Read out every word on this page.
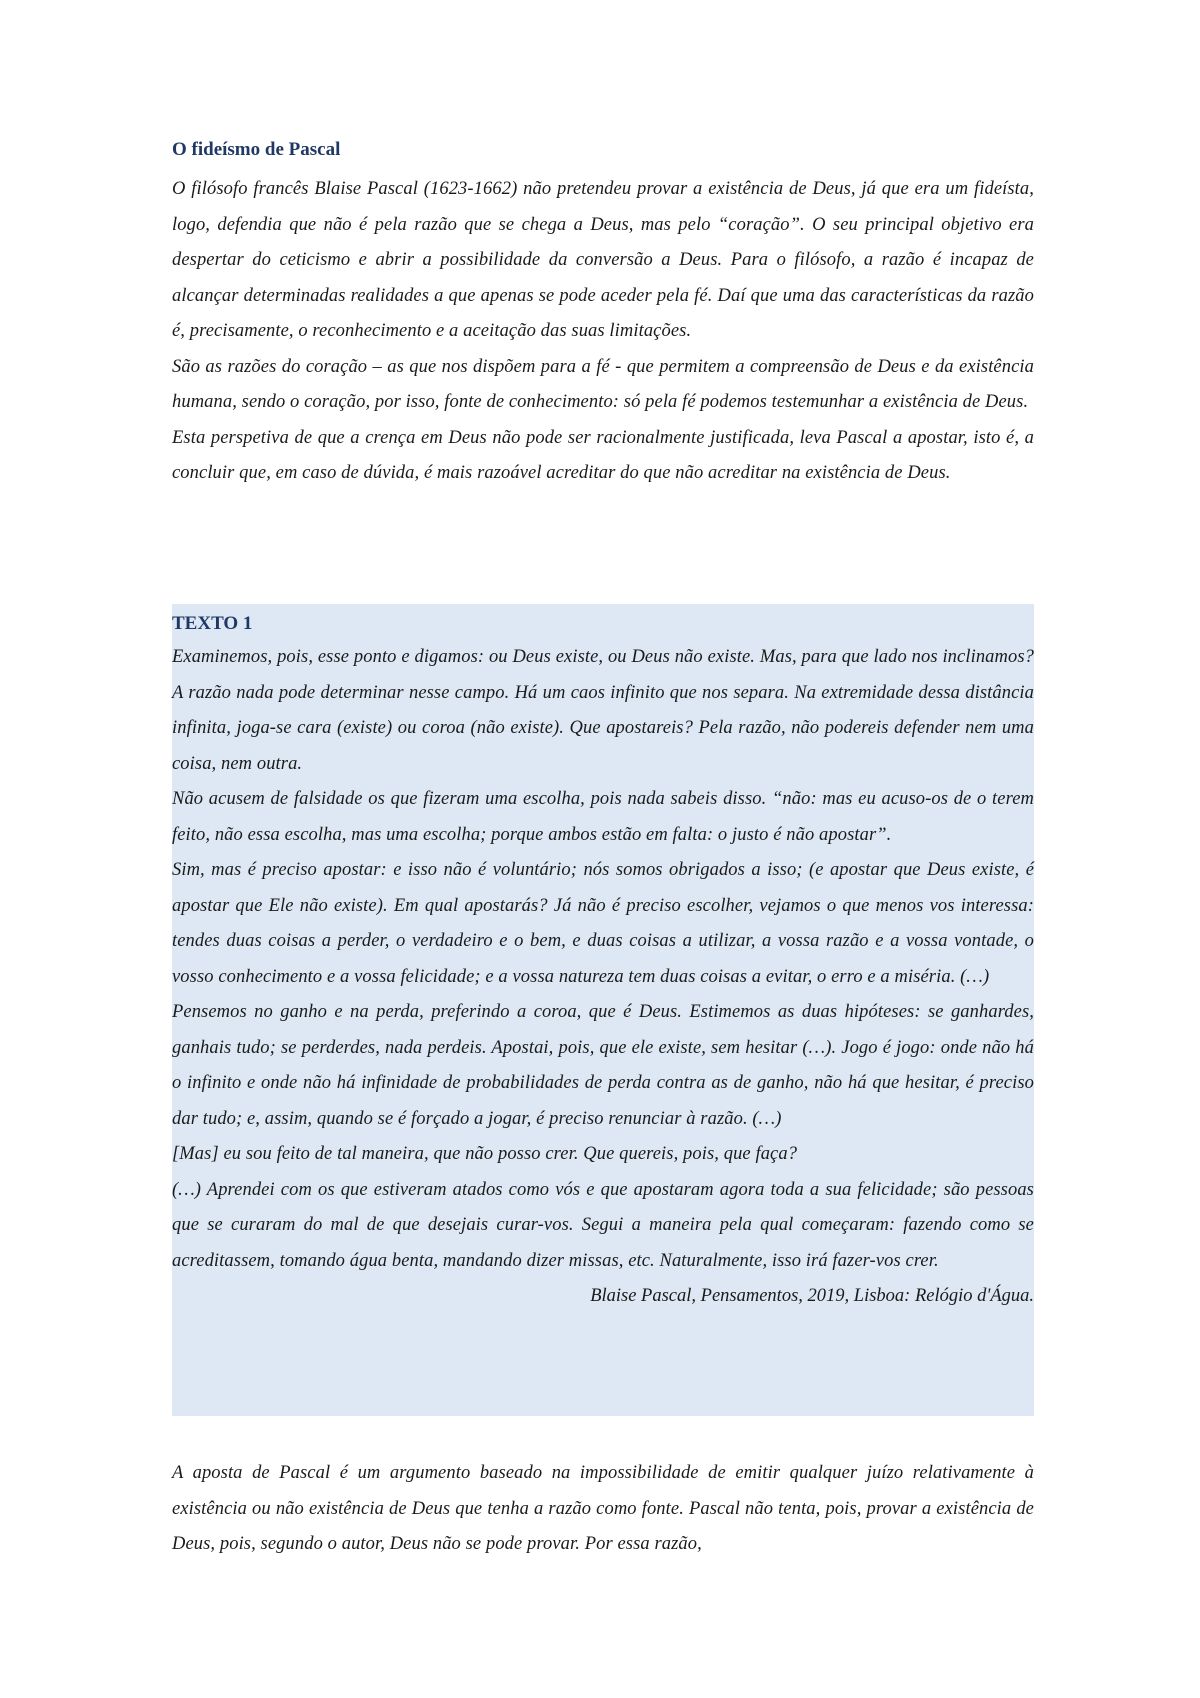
O fideísmo de Pascal

O filósofo francês Blaise Pascal (1623-1662) não pretendeu provar a existência de Deus, já que era um fideísta, logo, defendia que não é pela razão que se chega a Deus, mas pelo “coração”. O seu principal objetivo era despertar do ceticismo e abrir a possibilidade da conversão a Deus. Para o filósofo, a razão é incapaz de alcançar determinadas realidades a que apenas se pode aceder pela fé. Daí que uma das características da razão é, precisamente, o reconhecimento e a aceitação das suas limitações.

São as razões do coração – as que nos dispõem para a fé - que permitem a compreensão de Deus e da existência humana, sendo o coração, por isso, fonte de conhecimento: só pela fé podemos testemunhar a existência de Deus.

Esta perspetiva de que a crença em Deus não pode ser racionalmente justificada, leva Pascal a apostar, isto é, a concluir que, em caso de dúvida, é mais razoável acreditar do que não acreditar na existência de Deus.

TEXTO 1

Examinemos, pois, esse ponto e digamos: ou Deus existe, ou Deus não existe. Mas, para que lado nos inclinamos? A razão nada pode determinar nesse campo. Há um caos infinito que nos separa. Na extremidade dessa distância infinita, joga-se cara (existe) ou coroa (não existe). Que apostareis? Pela razão, não podereis defender nem uma coisa, nem outra.

Não acusem de falsidade os que fizeram uma escolha, pois nada sabeis disso. “não: mas eu acuso-os de o terem feito, não essa escolha, mas uma escolha; porque ambos estão em falta: o justo é não apostar”.

Sim, mas é preciso apostar: e isso não é voluntário; nós somos obrigados a isso; (e apostar que Deus existe, é apostar que Ele não existe). Em qual apostarás? Já não é preciso escolher, vejamos o que menos vos interessa: tendes duas coisas a perder, o verdadeiro e o bem, e duas coisas a utilizar, a vossa razão e a vossa vontade, o vosso conhecimento e a vossa felicidade; e a vossa natureza tem duas coisas a evitar, o erro e a miséria. (…)

Pensemos no ganho e na perda, preferindo a coroa, que é Deus. Estimemos as duas hipóteses: se ganhardes, ganhais tudo; se perderdes, nada perdeis. Apostai, pois, que ele existe, sem hesitar (…). Jogo é jogo: onde não há o infinito e onde não há infinidade de probabilidades de perda contra as de ganho, não há que hesitar, é preciso dar tudo; e, assim, quando se é forçado a jogar, é preciso renunciar à razão. (…)

[Mas] eu sou feito de tal maneira, que não posso crer. Que quereis, pois, que faça?

(…) Aprendei com os que estiveram atados como vós e que apostaram agora toda a sua felicidade; são pessoas que se curaram do mal de que desejais curar-vos. Segui a maneira pela qual começaram: fazendo como se acreditassem, tomando água benta, mandando dizer missas, etc. Naturalmente, isso irá fazer-vos crer.

Blaise Pascal, Pensamentos, 2019, Lisboa: Relógio d'Água.

A aposta de Pascal é um argumento baseado na impossibilidade de emitir qualquer juízo relativamente à existência ou não existência de Deus que tenha a razão como fonte. Pascal não tenta, pois, provar a existência de Deus, pois, segundo o autor, Deus não se pode provar. Por essa razão,
